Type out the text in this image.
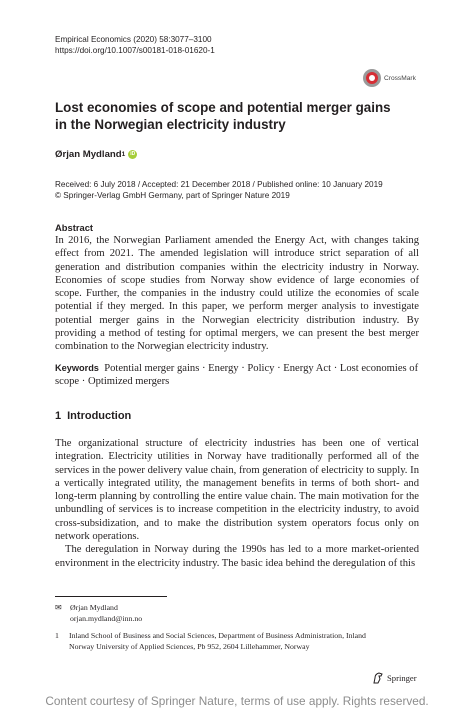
Empirical Economics (2020) 58:3077–3100
https://doi.org/10.1007/s00181-018-01620-1
CrossMark
Lost economies of scope and potential merger gains
in the Norwegian electricity industry
Ørjan Mydland 1	iD
Received: 6 July 2018 / Accepted: 21 December 2018 / Published online: 10 January 2019
© Springer-Verlag GmbH Germany, part of Springer Nature 2019
Abstract
In 2016, the Norwegian Parliament amended the Energy Act, with changes taking effect from 2021. The amended legislation will introduce strict separation of all generation and distribution companies within the electricity industry in Norway. Economies of scope studies from Norway show evidence of large economies of scope. Further, the companies in the industry could utilize the economies of scale potential if they merged. In this paper, we perform merger analysis to investigate potential merger gains in the Norwegian electricity distribution industry. By providing a method of testing for optimal mergers, we can present the best merger combination to the Norwegian electricity industry.
Keywords Potential merger gains · Energy · Policy · Energy Act · Lost economies of scope · Optimized mergers
1 Introduction

The organizational structure of electricity industries has been one of vertical integration. Electricity utilities in Norway have traditionally performed all of the services in the power delivery value chain, from generation of electricity to supply. In a vertically integrated utility, the management benefits in terms of both short- and long-term planning by controlling the entire value chain. The main motivation for the unbundling of services is to increase competition in the electricity industry, to avoid cross-subsidization, and to make the distribution system operators focus only on network operations.

The deregulation in Norway during the 1990s has led to a more market-oriented environment in the electricity industry. The basic idea behind the deregulation of this

✉	Ørjan Mydland
orjan.mydland@inn.no
1	Inland School of Business and Social Sciences, Department of Business Administration, Inland
Norway University of Applied Sciences, Pb 952, 2604 Lillehammer, Norway
Springer
Content courtesy of Springer Nature, terms of use apply. Rights reserved.
